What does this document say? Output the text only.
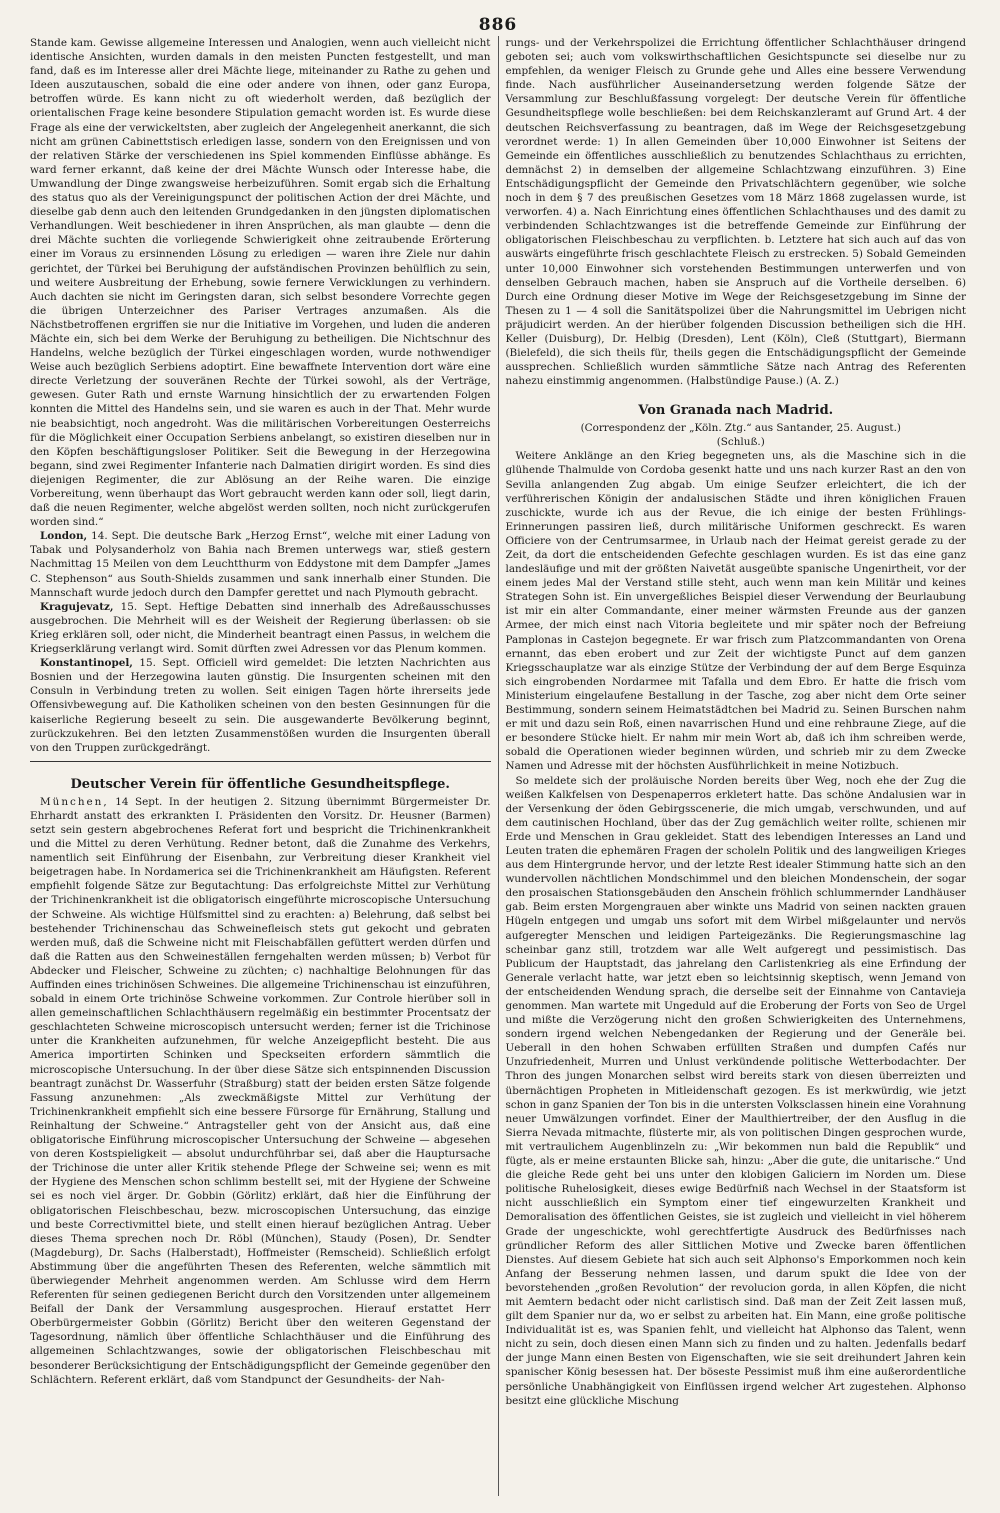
886

Stande kam. Gewisse allgemeine Interessen und Analogien, wenn auch vielleicht nicht identische Ansichten, wurden damals in den meisten Puncten festgestellt, und man fand, daß es im Interesse aller drei Mächte liege, miteinander zu Rathe zu gehen und Ideen auszutauschen, sobald die eine oder andere von ihnen, oder ganz Europa, betroffen würde. Es kann nicht zu oft wiederholt werden, daß bezüglich der orientalischen Frage keine besondere Stipulation gemacht worden ist. Es wurde diese Frage als eine der verwickeltsten, aber zugleich der Angelegenheit anerkannt, die sich nicht am grünen Cabinettstisch erledigen lasse, sondern von den Ereignissen und von der relativen Stärke der verschiedenen ins Spiel kommenden Einflüsse abhänge. Es ward ferner erkannt, daß keine der drei Mächte Wunsch oder Interesse habe, die Umwandlung der Dinge zwangsweise herbeizuführen. Somit ergab sich die Erhaltung des status quo als der Vereinigungspunct der politischen Action der drei Mächte, und dieselbe gab denn auch den leitenden Grundgedanken in den jüngsten diplomatischen Verhandlungen. Weit beschiedener in ihren Ansprüchen, als man glaubte — denn die drei Mächte suchten die vorliegende Schwierigkeit ohne zeitraubende Erörterung einer im Voraus zu ersinnenden Lösung zu erledigen — waren ihre Ziele nur dahin gerichtet, der Türkei bei Beruhigung der aufständischen Provinzen behülflich zu sein, und weitere Ausbreitung der Erhebung, sowie fernere Verwicklungen zu verhindern. Auch dachten sie nicht im Geringsten daran, sich selbst besondere Vorrechte gegen die übrigen Unterzeichner des Pariser Vertrages anzumaßen. Als die Nächstbetroffenen ergriffen sie nur die Initiative im Vorgehen, und luden die anderen Mächte ein, sich bei dem Werke der Beruhigung zu betheiligen. Die Nichtschnur des Handelns, welche bezüglich der Türkei eingeschlagen worden, wurde nothwendiger Weise auch bezüglich Serbiens adoptirt. Eine bewaffnete Intervention dort wäre eine directe Verletzung der souveränen Rechte der Türkei sowohl, als der Verträge, gewesen. Guter Rath und ernste Warnung hinsichtlich der zu erwartenden Folgen konnten die Mittel des Handelns sein, und sie waren es auch in der That. Mehr wurde nie beabsichtigt, noch angedroht. Was die militärischen Vorbereitungen Oesterreichs für die Möglichkeit einer Occupation Serbiens anbelangt, so existiren dieselben nur in den Köpfen beschäftigungsloser Politiker. Seit die Bewegung in der Herzegowina begann, sind zwei Regimenter Infanterie nach Dalmatien dirigirt worden. Es sind dies diejenigen Regimenter, die zur Ablösung an der Reihe waren. Die einzige Vorbereitung, wenn überhaupt das Wort gebraucht werden kann oder soll, liegt darin, daß die neuen Regimenter, welche abgelöst werden sollten, noch nicht zurückgerufen worden sind.“

London, 14. Sept. Die deutsche Bark „Herzog Ernst“, welche mit einer Ladung von Tabak und Polysanderholz von Bahia nach Bremen unterwegs war, stieß gestern Nachmittag 15 Meilen von dem Leuchtthurm von Eddystone mit dem Dampfer „James C. Stephenson“ aus South-Shields zusammen und sank innerhalb einer Stunden. Die Mannschaft wurde jedoch durch den Dampfer gerettet und nach Plymouth gebracht.

Kragujevatz, 15. Sept. Heftige Debatten sind innerhalb des Adreßausschusses ausgebrochen. Die Mehrheit will es der Weisheit der Regierung überlassen: ob sie Krieg erklären soll, oder nicht, die Minderheit beantragt einen Passus, in welchem die Kriegserklärung verlangt wird. Somit dürften zwei Adressen vor das Plenum kommen.

Konstantinopel, 15. Sept. Officiell wird gemeldet: Die letzten Nachrichten aus Bosnien und der Herzegowina lauten günstig. Die Insurgenten scheinen mit den Consuln in Verbindung treten zu wollen. Seit einigen Tagen hörte ihrerseits jede Offensivbewegung auf. Die Katholiken scheinen von den besten Gesinnungen für die kaiserliche Regierung beseelt zu sein. Die ausgewanderte Bevölkerung beginnt, zurückzukehren. Bei den letzten Zusammenstößen wurden die Insurgenten überall von den Truppen zurückgedrängt.

Deutscher Verein für öffentliche Gesundheitspflege.

München, 14 Sept. In der heutigen 2. Sitzung übernimmt Bürgermeister Dr. Ehrhardt anstatt des erkrankten I. Präsidenten den Vorsitz. Dr. Heusner (Barmen) setzt sein gestern abgebrochenes Referat fort und bespricht die Trichinenkrankheit und die Mittel zu deren Verhütung. Redner betont, daß die Zunahme des Verkehrs, namentlich seit Einführung der Eisenbahn, zur Verbreitung dieser Krankheit viel beigetragen habe. In Nordamerica sei die Trichinenkrankheit am Häufigsten. Referent empfiehlt folgende Sätze zur Begutachtung: Das erfolgreichste Mittel zur Verhütung der Trichinenkrankheit ist die obligatorisch eingeführte microscopische Untersuchung der Schweine. Als wichtige Hülfsmittel sind zu erachten: a) Belehrung, daß selbst bei bestehender Trichinenschau das Schweinefleisch stets gut gekocht und gebraten werden muß, daß die Schweine nicht mit Fleischabfällen gefüttert werden dürfen und daß die Ratten aus den Schweineställen ferngehalten werden müssen; b) Verbot für Abdecker und Fleischer, Schweine zu züchten; c) nachhaltige Belohnungen für das Auffinden eines trichinösen Schweines. Die allgemeine Trichinenschau ist einzuführen, sobald in einem Orte trichinöse Schweine vorkommen. Zur Controle hierüber soll in allen gemeinschaftlichen Schlachthäusern regelmäßig ein bestimmter Procentsatz der geschlachteten Schweine microscopisch untersucht werden; ferner ist die Trichinose unter die Krankheiten aufzunehmen, für welche Anzeigepflicht besteht. Die aus America importirten Schinken und Speckseiten erfordern sämmtlich die microscopische Untersuchung. In der über diese Sätze sich entspinnenden Discussion beantragt zunächst Dr. Wasserfuhr (Straßburg) statt der beiden ersten Sätze folgende Fassung anzunehmen: „Als zweckmäßigste Mittel zur Verhütung der Trichinenkrankheit empfiehlt sich eine bessere Fürsorge für Ernährung, Stallung und Reinhaltung der Schweine.“ Antragsteller geht von der Ansicht aus, daß eine obligatorische Einführung microscopischer Untersuchung der Schweine — abgesehen von deren Kostspieligkeit — absolut undurchführbar sei, daß aber die Hauptursache der Trichinose die unter aller Kritik stehende Pflege der Schweine sei; wenn es mit der Hygiene des Menschen schon schlimm bestellt sei, mit der Hygiene der Schweine sei es noch viel ärger. Dr. Gobbin (Görlitz) erklärt, daß hier die Einführung der obligatorischen Fleischbeschau, bezw. microscopischen Untersuchung, das einzige und beste Correctivmittel biete, und stellt einen hierauf bezüglichen Antrag. Ueber dieses Thema sprechen noch Dr. Röbl (München), Staudy (Posen), Dr. Sendter (Magdeburg), Dr. Sachs (Halberstadt), Hoffmeister (Remscheid). Schließlich erfolgt Abstimmung über die angeführten Thesen des Referenten, welche sämmtlich mit überwiegender Mehrheit angenommen werden. Am Schlusse wird dem Herrn Referenten für seinen gediegenen Bericht durch den Vorsitzenden unter allgemeinem Beifall der Dank der Versammlung ausgesprochen. Hierauf erstattet Herr Oberbürgermeister Gobbin (Görlitz) Bericht über den weiteren Gegenstand der Tagesordnung, nämlich über öffentliche Schlachthäuser und die Einführung des allgemeinen Schlachtzwanges, sowie der obligatorischen Fleischbeschau mit besonderer Berücksichtigung der Entschädigungspflicht der Gemeinde gegenüber den Schlächtern. Referent erklärt, daß vom Standpunct der Gesundheits- der Nah-

rungs- und der Verkehrspolizei die Errichtung öffentlicher Schlachthäuser dringend geboten sei; auch vom volkswirthschaftlichen Gesichtspuncte sei dieselbe nur zu empfehlen, da weniger Fleisch zu Grunde gehe und Alles eine bessere Verwendung finde. Nach ausführlicher Auseinandersetzung werden folgende Sätze der Versammlung zur Beschlußfassung vorgelegt: Der deutsche Verein für öffentliche Gesundheitspflege wolle beschließen: bei dem Reichskanzleramt auf Grund Art. 4 der deutschen Reichsverfassung zu beantragen, daß im Wege der Reichsgesetzgebung verordnet werde: 1) In allen Gemeinden über 10,000 Einwohner ist Seitens der Gemeinde ein öffentliches ausschließlich zu benutzendes Schlachthaus zu errichten, demnächst 2) in demselben der allgemeine Schlachtzwang einzuführen. 3) Eine Entschädigungspflicht der Gemeinde den Privatschlächtern gegenüber, wie solche noch in dem § 7 des preußischen Gesetzes vom 18 März 1868 zugelassen wurde, ist verworfen. 4) a. Nach Einrichtung eines öffentlichen Schlachthauses und des damit zu verbindenden Schlachtzwanges ist die betreffende Gemeinde zur Einführung der obligatorischen Fleischbeschau zu verpflichten. b. Letztere hat sich auch auf das von auswärts eingeführte frisch geschlachtete Fleisch zu erstrecken. 5) Sobald Gemeinden unter 10,000 Einwohner sich vorstehenden Bestimmungen unterwerfen und von denselben Gebrauch machen, haben sie Anspruch auf die Vortheile derselben. 6) Durch eine Ordnung dieser Motive im Wege der Reichsgesetzgebung im Sinne der Thesen zu 1 — 4 soll die Sanitätspolizei über die Nahrungsmittel im Uebrigen nicht präjudicirt werden. An der hierüber folgenden Discussion betheiligen sich die HH. Keller (Duisburg), Dr. Helbig (Dresden), Lent (Köln), Cleß (Stuttgart), Biermann (Bielefeld), die sich theils für, theils gegen die Entschädigungspflicht der Gemeinde aussprechen. Schließlich wurden sämmtliche Sätze nach Antrag des Referenten nahezu einstimmig angenommen. (Halbstündige Pause.) (A. Z.)

Von Granada nach Madrid.

(Correspondenz der „Köln. Ztg.“ aus Santander, 25. August.)

(Schluß.)

Weitere Anklänge an den Krieg begegneten uns, als die Maschine sich in die glühende Thalmulde von Cordoba gesenkt hatte und uns nach kurzer Rast an den von Sevilla anlangenden Zug abgab. Um einige Seufzer erleichtert, die ich der verführerischen Königin der andalusischen Städte und ihren königlichen Frauen zuschickte, wurde ich aus der Revue, die ich einige der besten Frühlings-Erinnerungen passiren ließ, durch militärische Uniformen geschreckt. Es waren Officiere von der Centrumsarmee, in Urlaub nach der Heimat gereist gerade zu der Zeit, da dort die entscheidenden Gefechte geschlagen wurden. Es ist das eine ganz landesläufige und mit der größten Naivetät ausgeübte spanische Ungenirtheit, vor der einem jedes Mal der Verstand stille steht, auch wenn man kein Militär und keines Strategen Sohn ist. Ein unvergeßliches Beispiel dieser Verwendung der Beurlaubung ist mir ein alter Commandante, einer meiner wärmsten Freunde aus der ganzen Armee, der mich einst nach Vitoria begleitete und mir später noch der Befreiung Pamplonas in Castejon begegnete. Er war frisch zum Platzcommandanten von Orena ernannt, das eben erobert und zur Zeit der wichtigste Punct auf dem ganzen Kriegsschauplatze war als einzige Stütze der Verbindung der auf dem Berge Esquinza sich eingrobenden Nordarmee mit Tafalla und dem Ebro. Er hatte die frisch vom Ministerium eingelaufene Bestallung in der Tasche, zog aber nicht dem Orte seiner Bestimmung, sondern seinem Heimatstädtchen bei Madrid zu. Seinen Burschen nahm er mit und dazu sein Roß, einen navarrischen Hund und eine rehbraune Ziege, auf die er besondere Stücke hielt. Er nahm mir mein Wort ab, daß ich ihm schreiben werde, sobald die Operationen wieder beginnen würden, und schrieb mir zu dem Zwecke Namen und Adresse mit der höchsten Ausführlichkeit in meine Notizbuch.

So meldete sich der proläuische Norden bereits über Weg, noch ehe der Zug die weißen Kalkfelsen von Despenaperros erkletert hatte. Das schöne Andalusien war in der Versenkung der öden Gebirgsscenerie, die mich umgab, verschwunden, und auf dem cautinischen Hochland, über das der Zug gemächlich weiter rollte, schienen mir Erde und Menschen in Grau gekleidet. Statt des lebendigen Interesses an Land und Leuten traten die ephemären Fragen der scholeln Politik und des langweiligen Krieges aus dem Hintergrunde hervor, und der letzte Rest idealer Stimmung hatte sich an den wundervollen nächtlichen Mondschimmel und den bleichen Mondenschein, der sogar den prosaischen Stationsgebäuden den Anschein fröhlich schlummernder Landhäuser gab. Beim ersten Morgengrauen aber winkte uns Madrid von seinen nackten grauen Hügeln entgegen und umgab uns sofort mit dem Wirbel mißgelaunter und nervös aufgeregter Menschen und leidigen Parteigezänks. Die Regierungsmaschine lag scheinbar ganz still, trotzdem war alle Welt aufgeregt und pessimistisch. Das Publicum der Hauptstadt, das jahrelang den Carlistenkrieg als eine Erfindung der Generale verlacht hatte, war jetzt eben so leichtsinnig skeptisch, wenn Jemand von der entscheidenden Wendung sprach, die derselbe seit der Einnahme von Cantavieja genommen. Man wartete mit Ungeduld auf die Eroberung der Forts von Seo de Urgel und mißte die Verzögerung nicht den großen Schwierigkeiten des Unternehmens, sondern irgend welchen Nebengedanken der Regierung und der Generäle bei. Ueberall in den hohen Schwaben erfüllten Straßen und dumpfen Cafés nur Unzufriedenheit, Murren und Unlust verkündende politische Wetterbodachter. Der Thron des jungen Monarchen selbst wird bereits stark von diesen überreizten und übernächtigen Propheten in Mitleidenschaft gezogen. Es ist merkwürdig, wie jetzt schon in ganz Spanien der Ton bis in die untersten Volksclassen hinein eine Vorahnung neuer Umwälzungen vorfindet. Einer der Maulthiertreiber, der den Ausflug in die Sierra Nevada mitmachte, flüsterte mir, als von politischen Dingen gesprochen wurde, mit vertraulichem Augenblinzeln zu: „Wir bekommen nun bald die Republik“ und fügte, als er meine erstaunten Blicke sah, hinzu: „Aber die gute, die unitarische.“ Und die gleiche Rede geht bei uns unter den klobigen Galiciern im Norden um. Diese politische Ruhelosigkeit, dieses ewige Bedürfniß nach Wechsel in der Staatsform ist nicht ausschließlich ein Symptom einer tief eingewurzelten Krankheit und Demoralisation des öffentlichen Geistes, sie ist zugleich und vielleicht in viel höherem Grade der ungeschickte, wohl gerechtfertigte Ausdruck des Bedürfnisses nach gründlicher Reform des aller Sittlichen Motive und Zwecke baren öffentlichen Dienstes. Auf diesem Gebiete hat sich auch seit Alphonso's Emporkommen noch kein Anfang der Besserung nehmen lassen, und darum spukt die Idee von der bevorstehenden „großen Revolution“ der revolucion gorda, in allen Köpfen, die nicht mit Aemtern bedacht oder nicht carlistisch sind. Daß man der Zeit Zeit lassen muß, gilt dem Spanier nur da, wo er selbst zu arbeiten hat. Ein Mann, eine große politische Individualität ist es, was Spanien fehlt, und vielleicht hat Alphonso das Talent, wenn nicht zu sein, doch diesen einen Mann sich zu finden und zu halten. Jedenfalls bedarf der junge Mann einen Besten von Eigenschaften, wie sie seit dreihundert Jahren kein spanischer König besessen hat. Der böseste Pessimist muß ihm eine außerordentliche persönliche Unabhängigkeit von Einflüssen irgend welcher Art zugestehen. Alphonso besitzt eine glückliche Mischung
